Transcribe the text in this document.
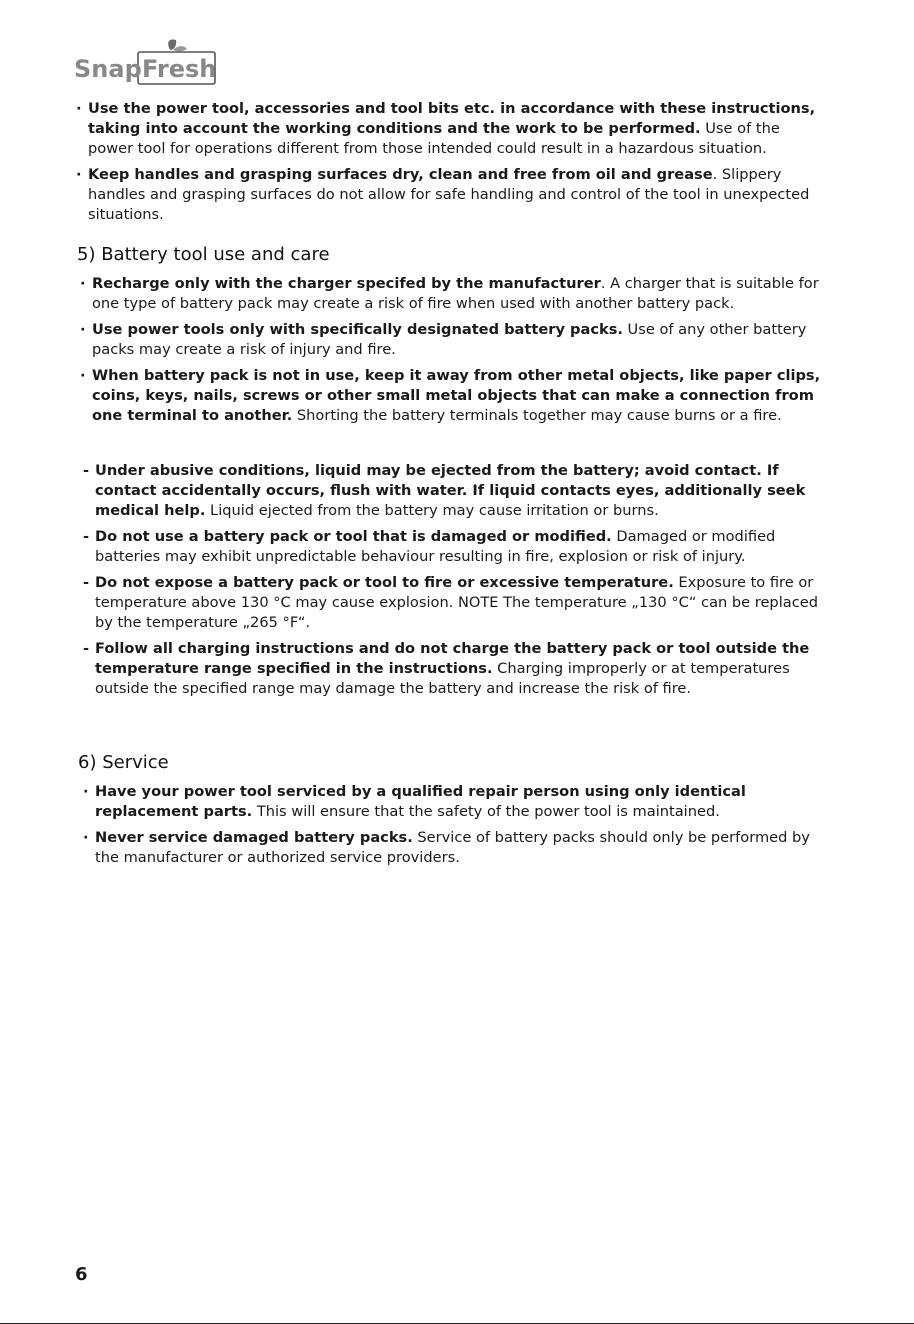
Snap Fresh
· Use the power tool, accessories and tool bits etc. in accordance with these instructions, taking into account the working conditions and the work to be performed. Use of the power tool for operations different from those intended could result in a hazardous situation.
· Keep handles and grasping surfaces dry, clean and free from oil and grease. Slippery handles and grasping surfaces do not allow for safe handling and control of the tool in unexpected situations.
5) Battery tool use and care
· Recharge only with the charger specifed by the manufacturer. A charger that is suitable for one type of battery pack may create a risk of fire when used with another battery pack.
· Use power tools only with specifically designated battery packs. Use of any other battery packs may create a risk of injury and fire.
· When battery pack is not in use, keep it away from other metal objects, like paper clips, coins, keys, nails, screws or other small metal objects that can make a connection from one terminal to another. Shorting the battery terminals together may cause burns or a fire.
- Under abusive conditions, liquid may be ejected from the battery; avoid contact. If contact accidentally occurs, flush with water. If liquid contacts eyes, additionally seek medical help. Liquid ejected from the battery may cause irritation or burns.
- Do not use a battery pack or tool that is damaged or modified. Damaged or modified batteries may exhibit unpredictable behaviour resulting in fire, explosion or risk of injury.
- Do not expose a battery pack or tool to fire or excessive temperature. Exposure to fire or temperature above 130 °C may cause explosion. NOTE The temperature „130 °C“ can be replaced by the temperature „265 °F“.
- Follow all charging instructions and do not charge the battery pack or tool outside the temperature range specified in the instructions. Charging improperly or at temperatures outside the specified range may damage the battery and increase the risk of fire.
6) Service
· Have your power tool serviced by a qualified repair person using only identical replacement parts. This will ensure that the safety of the power tool is maintained.
· Never service damaged battery packs. Service of battery packs should only be performed by the manufacturer or authorized service providers.
6
